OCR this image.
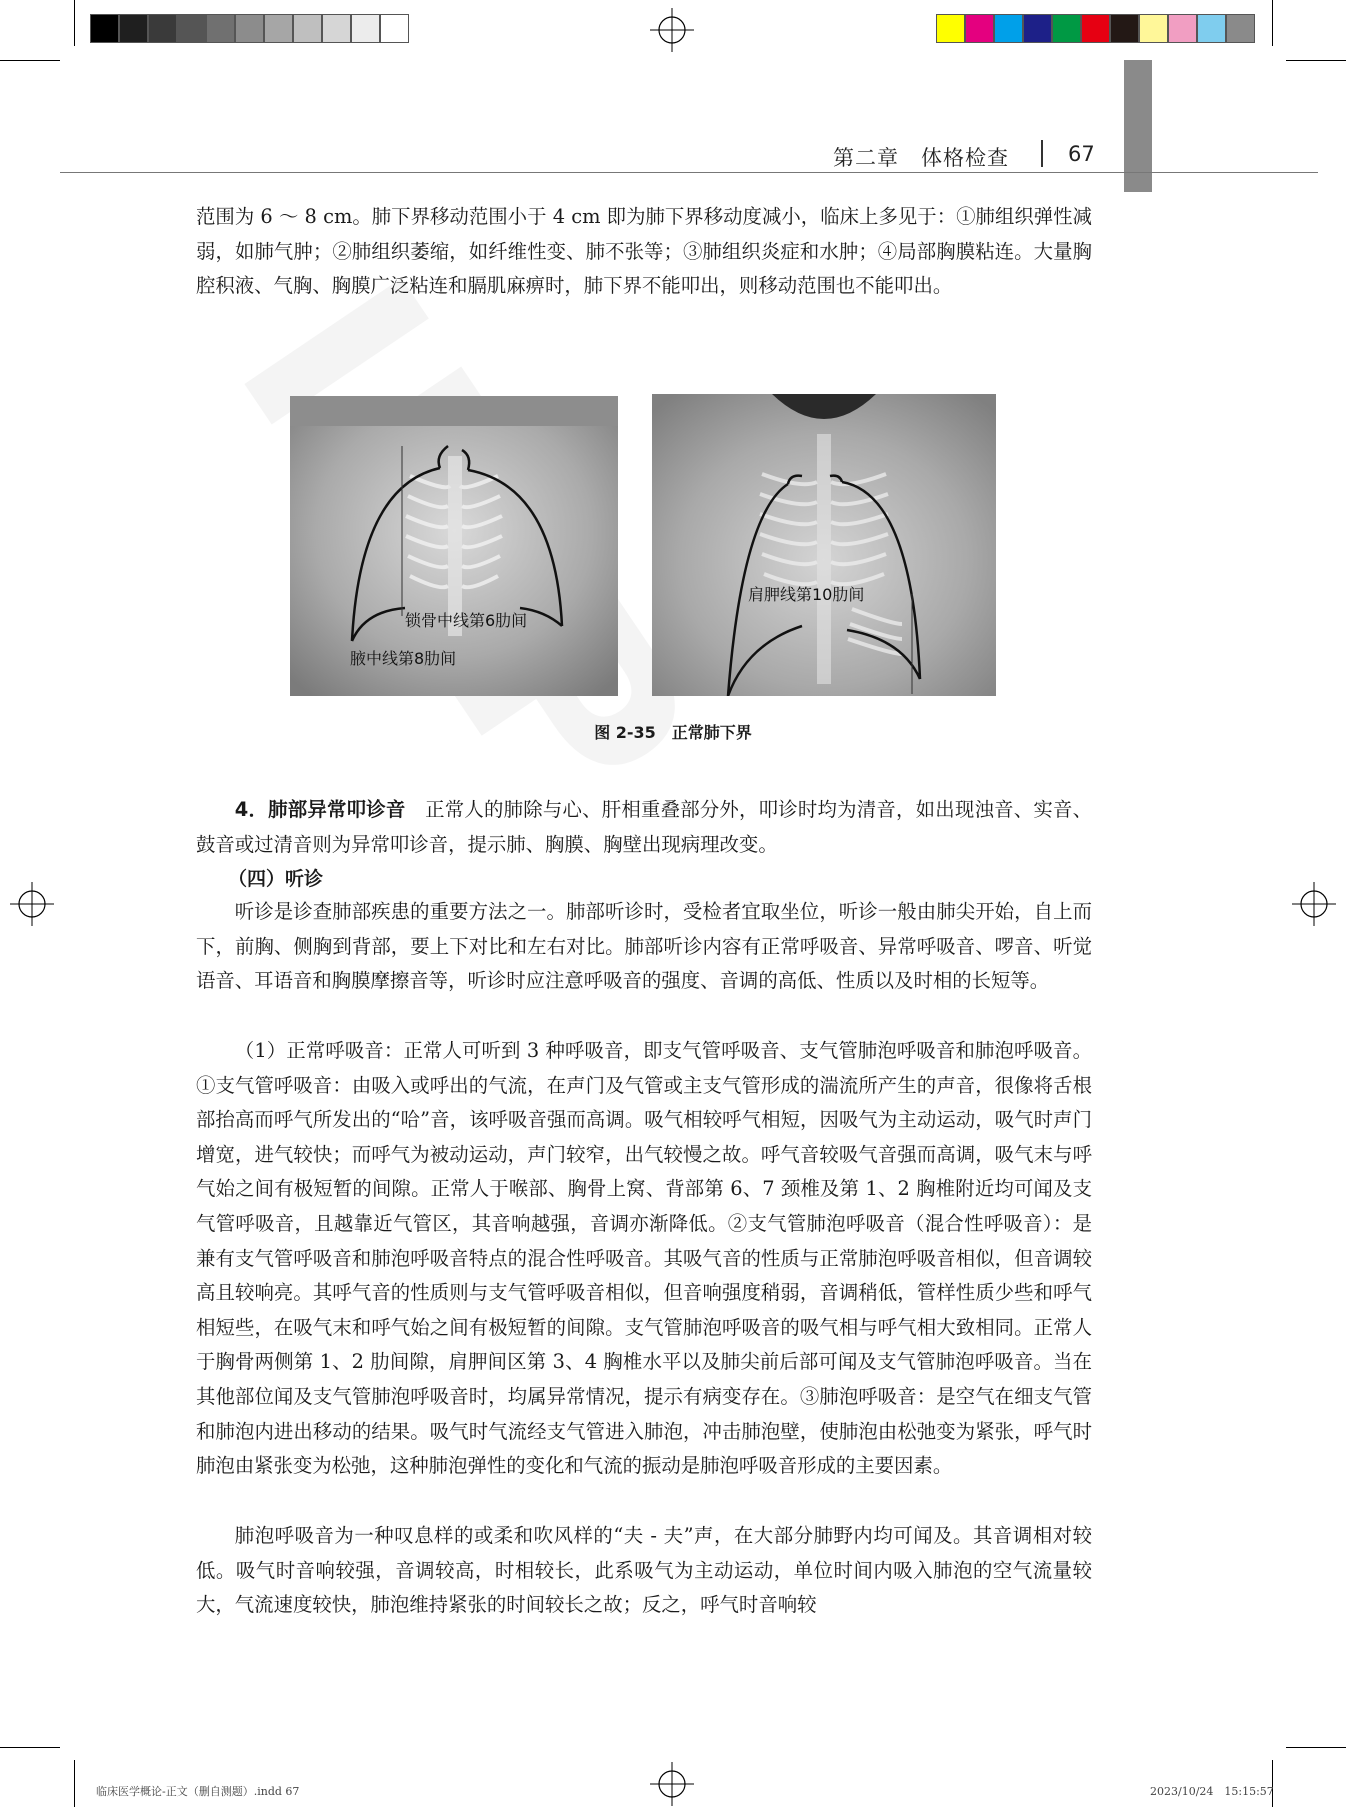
第二章　体格检查	67

范围为 6 ～ 8 cm。肺下界移动范围小于 4 cm 即为肺下界移动度减小，临床上多见于：①肺组织弹性减弱，如肺气肿；②肺组织萎缩，如纤维性变、肺不张等；③肺组织炎症和水肿；④局部胸膜粘连。大量胸腔积液、气胸、胸膜广泛粘连和膈肌麻痹时，肺下界不能叩出，则移动范围也不能叩出。

锁骨中线第6肋间
腋中线第8肋间
肩胛线第10肋间
图 2-35　正常肺下界

4．肺部异常叩诊音　正常人的肺除与心、肝相重叠部分外，叩诊时均为清音，如出现浊音、实音、鼓音或过清音则为异常叩诊音，提示肺、胸膜、胸壁出现病理改变。

（四）听诊

听诊是诊查肺部疾患的重要方法之一。肺部听诊时，受检者宜取坐位，听诊一般由肺尖开始，自上而下，前胸、侧胸到背部，要上下对比和左右对比。肺部听诊内容有正常呼吸音、异常呼吸音、啰音、听觉语音、耳语音和胸膜摩擦音等，听诊时应注意呼吸音的强度、音调的高低、性质以及时相的长短等。

（1）正常呼吸音：正常人可听到 3 种呼吸音，即支气管呼吸音、支气管肺泡呼吸音和肺泡呼吸音。①支气管呼吸音：由吸入或呼出的气流，在声门及气管或主支气管形成的湍流所产生的声音，很像将舌根部抬高而呼气所发出的“哈”音，该呼吸音强而高调。吸气相较呼气相短，因吸气为主动运动，吸气时声门增宽，进气较快；而呼气为被动运动，声门较窄，出气较慢之故。呼气音较吸气音强而高调，吸气末与呼气始之间有极短暂的间隙。正常人于喉部、胸骨上窝、背部第 6、7 颈椎及第 1、2 胸椎附近均可闻及支气管呼吸音，且越靠近气管区，其音响越强，音调亦渐降低。②支气管肺泡呼吸音（混合性呼吸音）：是兼有支气管呼吸音和肺泡呼吸音特点的混合性呼吸音。其吸气音的性质与正常肺泡呼吸音相似，但音调较高且较响亮。其呼气音的性质则与支气管呼吸音相似，但音响强度稍弱，音调稍低，管样性质少些和呼气相短些，在吸气末和呼气始之间有极短暂的间隙。支气管肺泡呼吸音的吸气相与呼气相大致相同。正常人于胸骨两侧第 1、2 肋间隙，肩胛间区第 3、4 胸椎水平以及肺尖前后部可闻及支气管肺泡呼吸音。当在其他部位闻及支气管肺泡呼吸音时，均属异常情况，提示有病变存在。③肺泡呼吸音：是空气在细支气管和肺泡内进出移动的结果。吸气时气流经支气管进入肺泡，冲击肺泡壁，使肺泡由松弛变为紧张，呼气时肺泡由紧张变为松弛，这种肺泡弹性的变化和气流的振动是肺泡呼吸音形成的主要因素。

肺泡呼吸音为一种叹息样的或柔和吹风样的“夫 - 夫”声，在大部分肺野内均可闻及。其音调相对较低。吸气时音响较强，音调较高，时相较长，此系吸气为主动运动，单位时间内吸入肺泡的空气流量较大，气流速度较快，肺泡维持紧张的时间较长之故；反之，呼气时音响较

临床医学概论-正文（删自测题）.indd 67	2023/10/24　15:15:57
